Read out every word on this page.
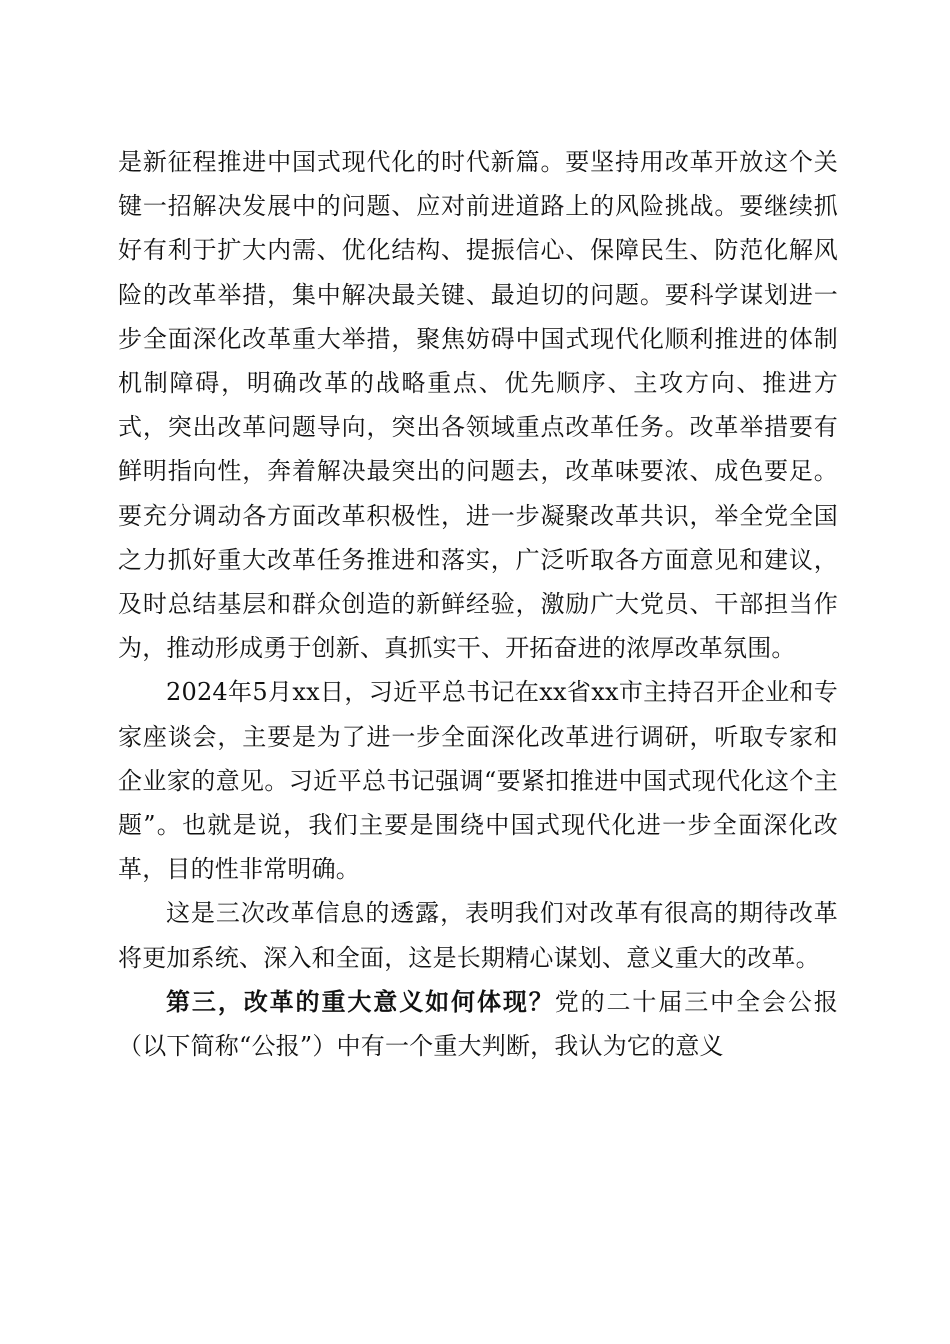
是新征程推进中国式现代化的时代新篇。要坚持用改革开放这个关键一招解决发展中的问题、应对前进道路上的风险挑战。要继续抓好有利于扩大内需、优化结构、提振信心、保障民生、防范化解风险的改革举措，集中解决最关键、最迫切的问题。要科学谋划进一步全面深化改革重大举措，聚焦妨碍中国式现代化顺利推进的体制机制障碍，明确改革的战略重点、优先顺序、主攻方向、推进方式，突出改革问题导向，突出各领域重点改革任务。改革举措要有鲜明指向性，奔着解决最突出的问题去，改革味要浓、成色要足。要充分调动各方面改革积极性，进一步凝聚改革共识，举全党全国之力抓好重大改革任务推进和落实，广泛听取各方面意见和建议，及时总结基层和群众创造的新鲜经验，激励广大党员、干部担当作为，推动形成勇于创新、真抓实干、开拓奋进的浓厚改革氛围。

2024年5月xx日，习近平总书记在xx省xx市主持召开企业和专家座谈会，主要是为了进一步全面深化改革进行调研，听取专家和企业家的意见。习近平总书记强调“要紧扣推进中国式现代化这个主题”。也就是说，我们主要是围绕中国式现代化进一步全面深化改革，目的性非常明确。

这是三次改革信息的透露，表明我们对改革有很高的期待改革将更加系统、深入和全面，这是长期精心谋划、意义重大的改革。

第三，改革的重大意义如何体现？党的二十届三中全会公报（以下简称“公报”）中有一个重大判断，我认为它的意义
